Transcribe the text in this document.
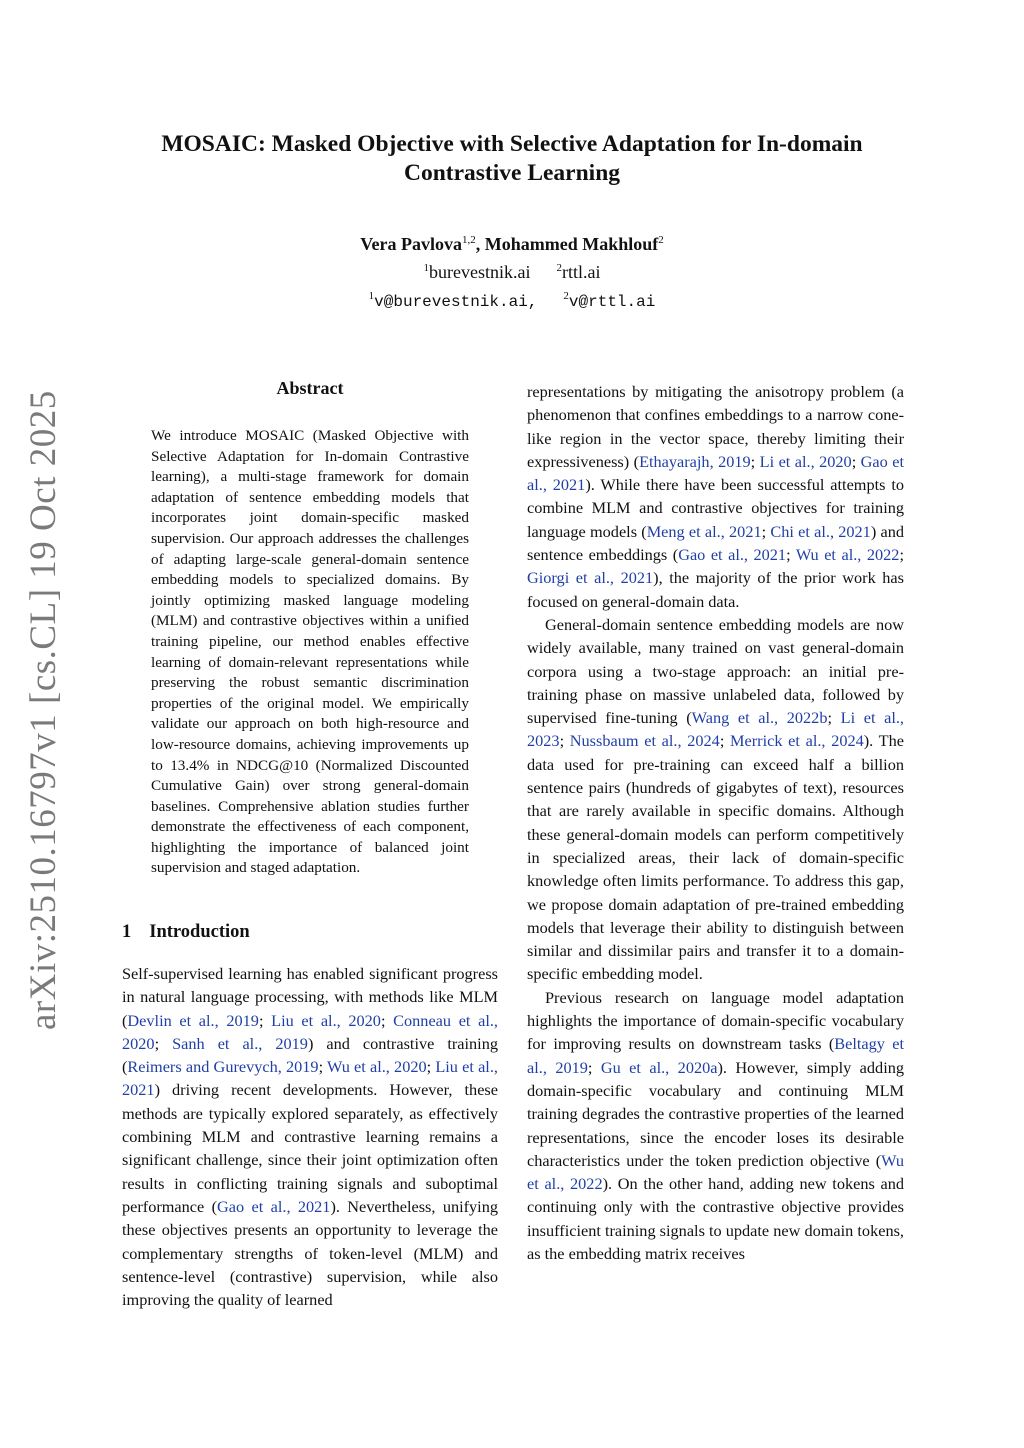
arXiv:2510.16797v1 [cs.CL] 19 Oct 2025
MOSAIC: Masked Objective with Selective Adaptation for In-domain Contrastive Learning
Vera Pavlova$^{1,2}$, Mohammed Makhlouf$^2$
$^1$burevestnik.ai $^2$rttl.ai
$^1$v@burevestnik.ai, $^2$v@rttl.ai
Abstract
We introduce MOSAIC (Masked Objective with Selective Adaptation for In-domain Contrastive learning), a multi-stage framework for domain adaptation of sentence embedding models that incorporates joint domain-specific masked supervision. Our approach addresses the challenges of adapting large-scale general-domain sentence embedding models to specialized domains. By jointly optimizing masked language modeling (MLM) and contrastive objectives within a unified training pipeline, our method enables effective learning of domain-relevant representations while preserving the robust semantic discrimination properties of the original model. We empirically validate our approach on both high-resource and low-resource domains, achieving improvements up to 13.4% in NDCG@10 (Normalized Discounted Cumulative Gain) over strong general-domain baselines. Comprehensive ablation studies further demonstrate the effectiveness of each component, highlighting the importance of balanced joint supervision and staged adaptation.
1 Introduction

Self-supervised learning has enabled significant progress in natural language processing, with methods like MLM (Devlin et al., 2019; Liu et al., 2020; Conneau et al., 2020; Sanh et al., 2019) and contrastive training (Reimers and Gurevych, 2019; Wu et al., 2020; Liu et al., 2021) driving recent developments. However, these methods are typically explored separately, as effectively combining MLM and contrastive learning remains a significant challenge, since their joint optimization often results in conflicting training signals and suboptimal performance (Gao et al., 2021). Nevertheless, unifying these objectives presents an opportunity to leverage the complementary strengths of token-level (MLM) and sentence-level (contrastive) supervision, while also improving the quality of learned

representations by mitigating the anisotropy problem (a phenomenon that confines embeddings to a narrow cone-like region in the vector space, thereby limiting their expressiveness) (Ethayarajh, 2019; Li et al., 2020; Gao et al., 2021). While there have been successful attempts to combine MLM and contrastive objectives for training language models (Meng et al., 2021; Chi et al., 2021) and sentence embeddings (Gao et al., 2021; Wu et al., 2022; Giorgi et al., 2021), the majority of the prior work has focused on general-domain data.

General-domain sentence embedding models are now widely available, many trained on vast general-domain corpora using a two-stage approach: an initial pre-training phase on massive unlabeled data, followed by supervised fine-tuning (Wang et al., 2022b; Li et al., 2023; Nussbaum et al., 2024; Merrick et al., 2024). The data used for pre-training can exceed half a billion sentence pairs (hundreds of gigabytes of text), resources that are rarely available in specific domains. Although these general-domain models can perform competitively in specialized areas, their lack of domain-specific knowledge often limits performance. To address this gap, we propose domain adaptation of pre-trained embedding models that leverage their ability to distinguish between similar and dissimilar pairs and transfer it to a domain-specific embedding model.

Previous research on language model adaptation highlights the importance of domain-specific vocabulary for improving results on downstream tasks (Beltagy et al., 2019; Gu et al., 2020a). However, simply adding domain-specific vocabulary and continuing MLM training degrades the contrastive properties of the learned representations, since the encoder loses its desirable characteristics under the token prediction objective (Wu et al., 2022). On the other hand, adding new tokens and continuing only with the contrastive objective provides insufficient training signals to update new domain tokens, as the embedding matrix receives
